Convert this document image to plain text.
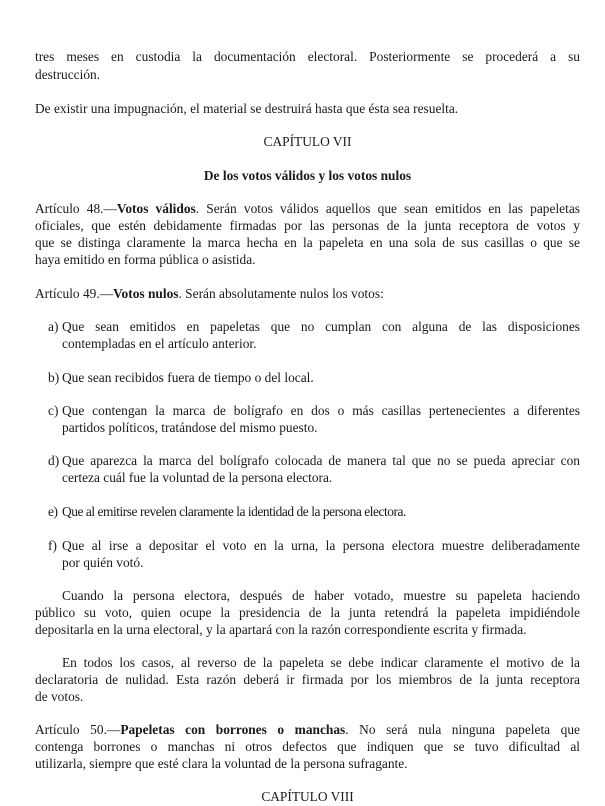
tres meses en custodia la documentación electoral. Posteriormente se procederá a su
destrucción.
De existir una impugnación, el material se destruirá hasta que ésta sea resuelta.
CAPÍTULO VII
De los votos válidos y los votos nulos
Artículo 48.—Votos válidos. Serán votos válidos aquellos que sean emitidos en las papeletas
oficiales, que estén debidamente firmadas por las personas de la junta receptora de votos y
que se distinga claramente la marca hecha en la papeleta en una sola de sus casillas o que se
haya emitido en forma pública o asistida.
Artículo 49.—Votos nulos. Serán absolutamente nulos los votos:
a) Que sean emitidos en papeletas que no cumplan con alguna de las disposiciones
contempladas en el artículo anterior.
b) Que sean recibidos fuera de tiempo o del local.
c) Que contengan la marca de bolígrafo en dos o más casillas pertenecientes a diferentes
partidos políticos, tratándose del mismo puesto.
d) Que aparezca la marca del bolígrafo colocada de manera tal que no se pueda apreciar con
certeza cuál fue la voluntad de la persona electora.
e) Que al emitirse revelen claramente la identidad de la persona electora.
f) Que al irse a depositar el voto en la urna, la persona electora muestre deliberadamente
por quién votó.
Cuando la persona electora, después de haber votado, muestre su papeleta haciendo
público su voto, quien ocupe la presidencia de la junta retendrá la papeleta impidiéndole
depositarla en la urna electoral, y la apartará con la razón correspondiente escrita y firmada.
En todos los casos, al reverso de la papeleta se debe indicar claramente el motivo de la
declaratoria de nulidad. Esta razón deberá ir firmada por los miembros de la junta receptora
de votos.
Artículo 50.—Papeletas con borrones o manchas. No será nula ninguna papeleta que
contenga borrones o manchas ni otros defectos que indiquen que se tuvo dificultad al
utilizarla, siempre que esté clara la voluntad de la persona sufragante.
CAPÍTULO VIII
